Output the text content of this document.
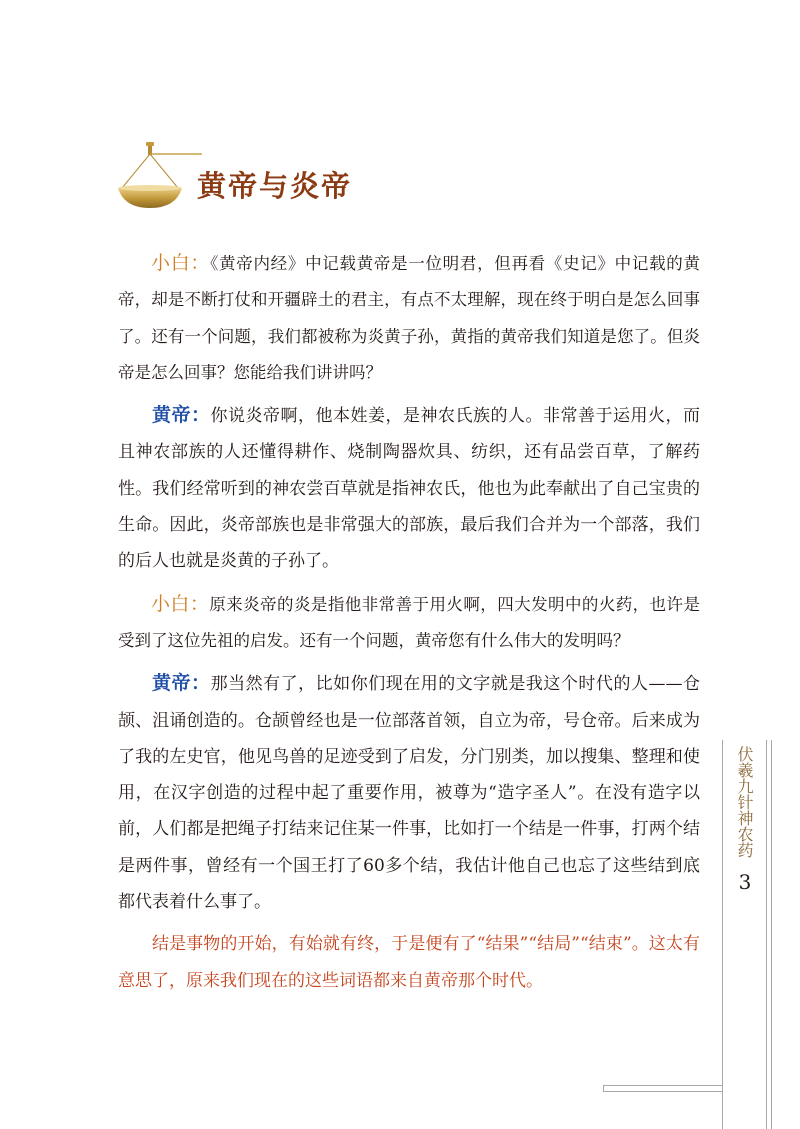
黄帝与炎帝

小白：《黄帝内经》中记载黄帝是一位明君，但再看《史记》中记载的黄帝，却是不断打仗和开疆辟土的君主，有点不太理解，现在终于明白是怎么回事了。还有一个问题，我们都被称为炎黄子孙，黄指的黄帝我们知道是您了。但炎帝是怎么回事？您能给我们讲讲吗？

黄帝：你说炎帝啊，他本姓姜，是神农氏族的人。非常善于运用火，而且神农部族的人还懂得耕作、烧制陶器炊具、纺织，还有品尝百草，了解药性。我们经常听到的神农尝百草就是指神农氏，他也为此奉献出了自己宝贵的生命。因此，炎帝部族也是非常强大的部族，最后我们合并为一个部落，我们的后人也就是炎黄的子孙了。

小白：原来炎帝的炎是指他非常善于用火啊，四大发明中的火药，也许是受到了这位先祖的启发。还有一个问题，黄帝您有什么伟大的发明吗？

黄帝：那当然有了，比如你们现在用的文字就是我这个时代的人——仓颉、沮诵创造的。仓颉曾经也是一位部落首领，自立为帝，号仓帝。后来成为了我的左史官，他见鸟兽的足迹受到了启发，分门别类，加以搜集、整理和使用，在汉字创造的过程中起了重要作用，被尊为“造字圣人”。在没有造字以前，人们都是把绳子打结来记住某一件事，比如打一个结是一件事，打两个结是两件事，曾经有一个国王打了60多个结，我估计他自己也忘了这些结到底都代表着什么事了。

结是事物的开始，有始就有终，于是便有了“结果”“结局”“结束”。这太有意思了，原来我们现在的这些词语都来自黄帝那个时代。

伏羲九针神农药
3
